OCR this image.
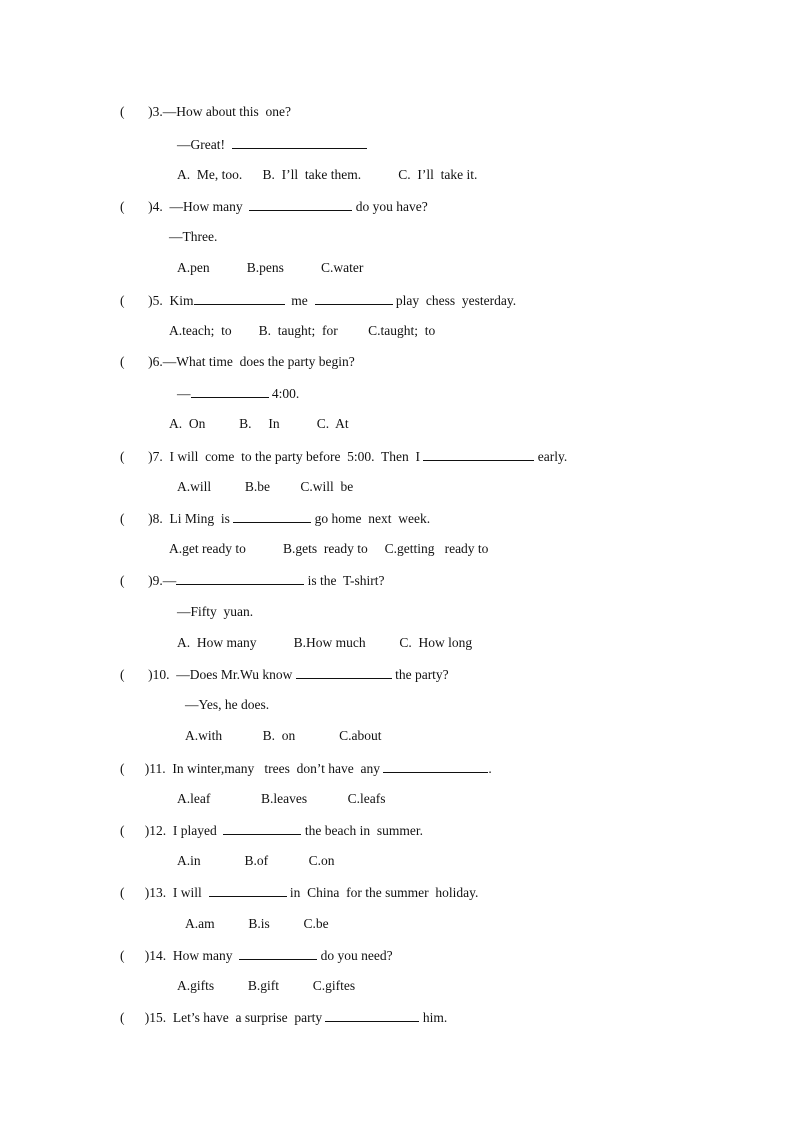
(       )3.—How about this  one?
—Great!
A.  Me, too.      B.  I’ll  take them.           C.  I’ll  take it.
(       )4.  —How many	do you have?
—Three.
A.pen           B.pens           C.water
(       )5.  Kim	me	play  chess  yesterday.
A.teach;  to        B.  taught;  for         C.taught;  to
(       )6.—What time  does the party begin?
—	4:00.
A.  On          B.     In           C.  At
(       )7.  I will  come  to the party before  5:00.  Then  I	early.
A.will          B.be         C.will  be
(       )8.  Li Ming  is	go home  next  week.
A.get ready to           B.gets  ready to     C.getting   ready to
(       )9.—	is the  T-shirt?
—Fifty  yuan.
A.  How many           B.How much          C.  How long
(       )10.  —Does Mr.Wu know	the party?
—Yes, he does.
A.with            B.  on             C.about
(      )11.  In winter,many   trees  don’t have  any	.
A.leaf               B.leaves            C.leafs
(      )12.  I played	the beach in  summer.
A.in             B.of            C.on
(      )13.  I will	in  China  for the summer  holiday.
A.am          B.is          C.be
(      )14.  How many	do you need?
A.gifts          B.gift          C.giftes
(      )15.  Let’s have  a surprise  party	him.
